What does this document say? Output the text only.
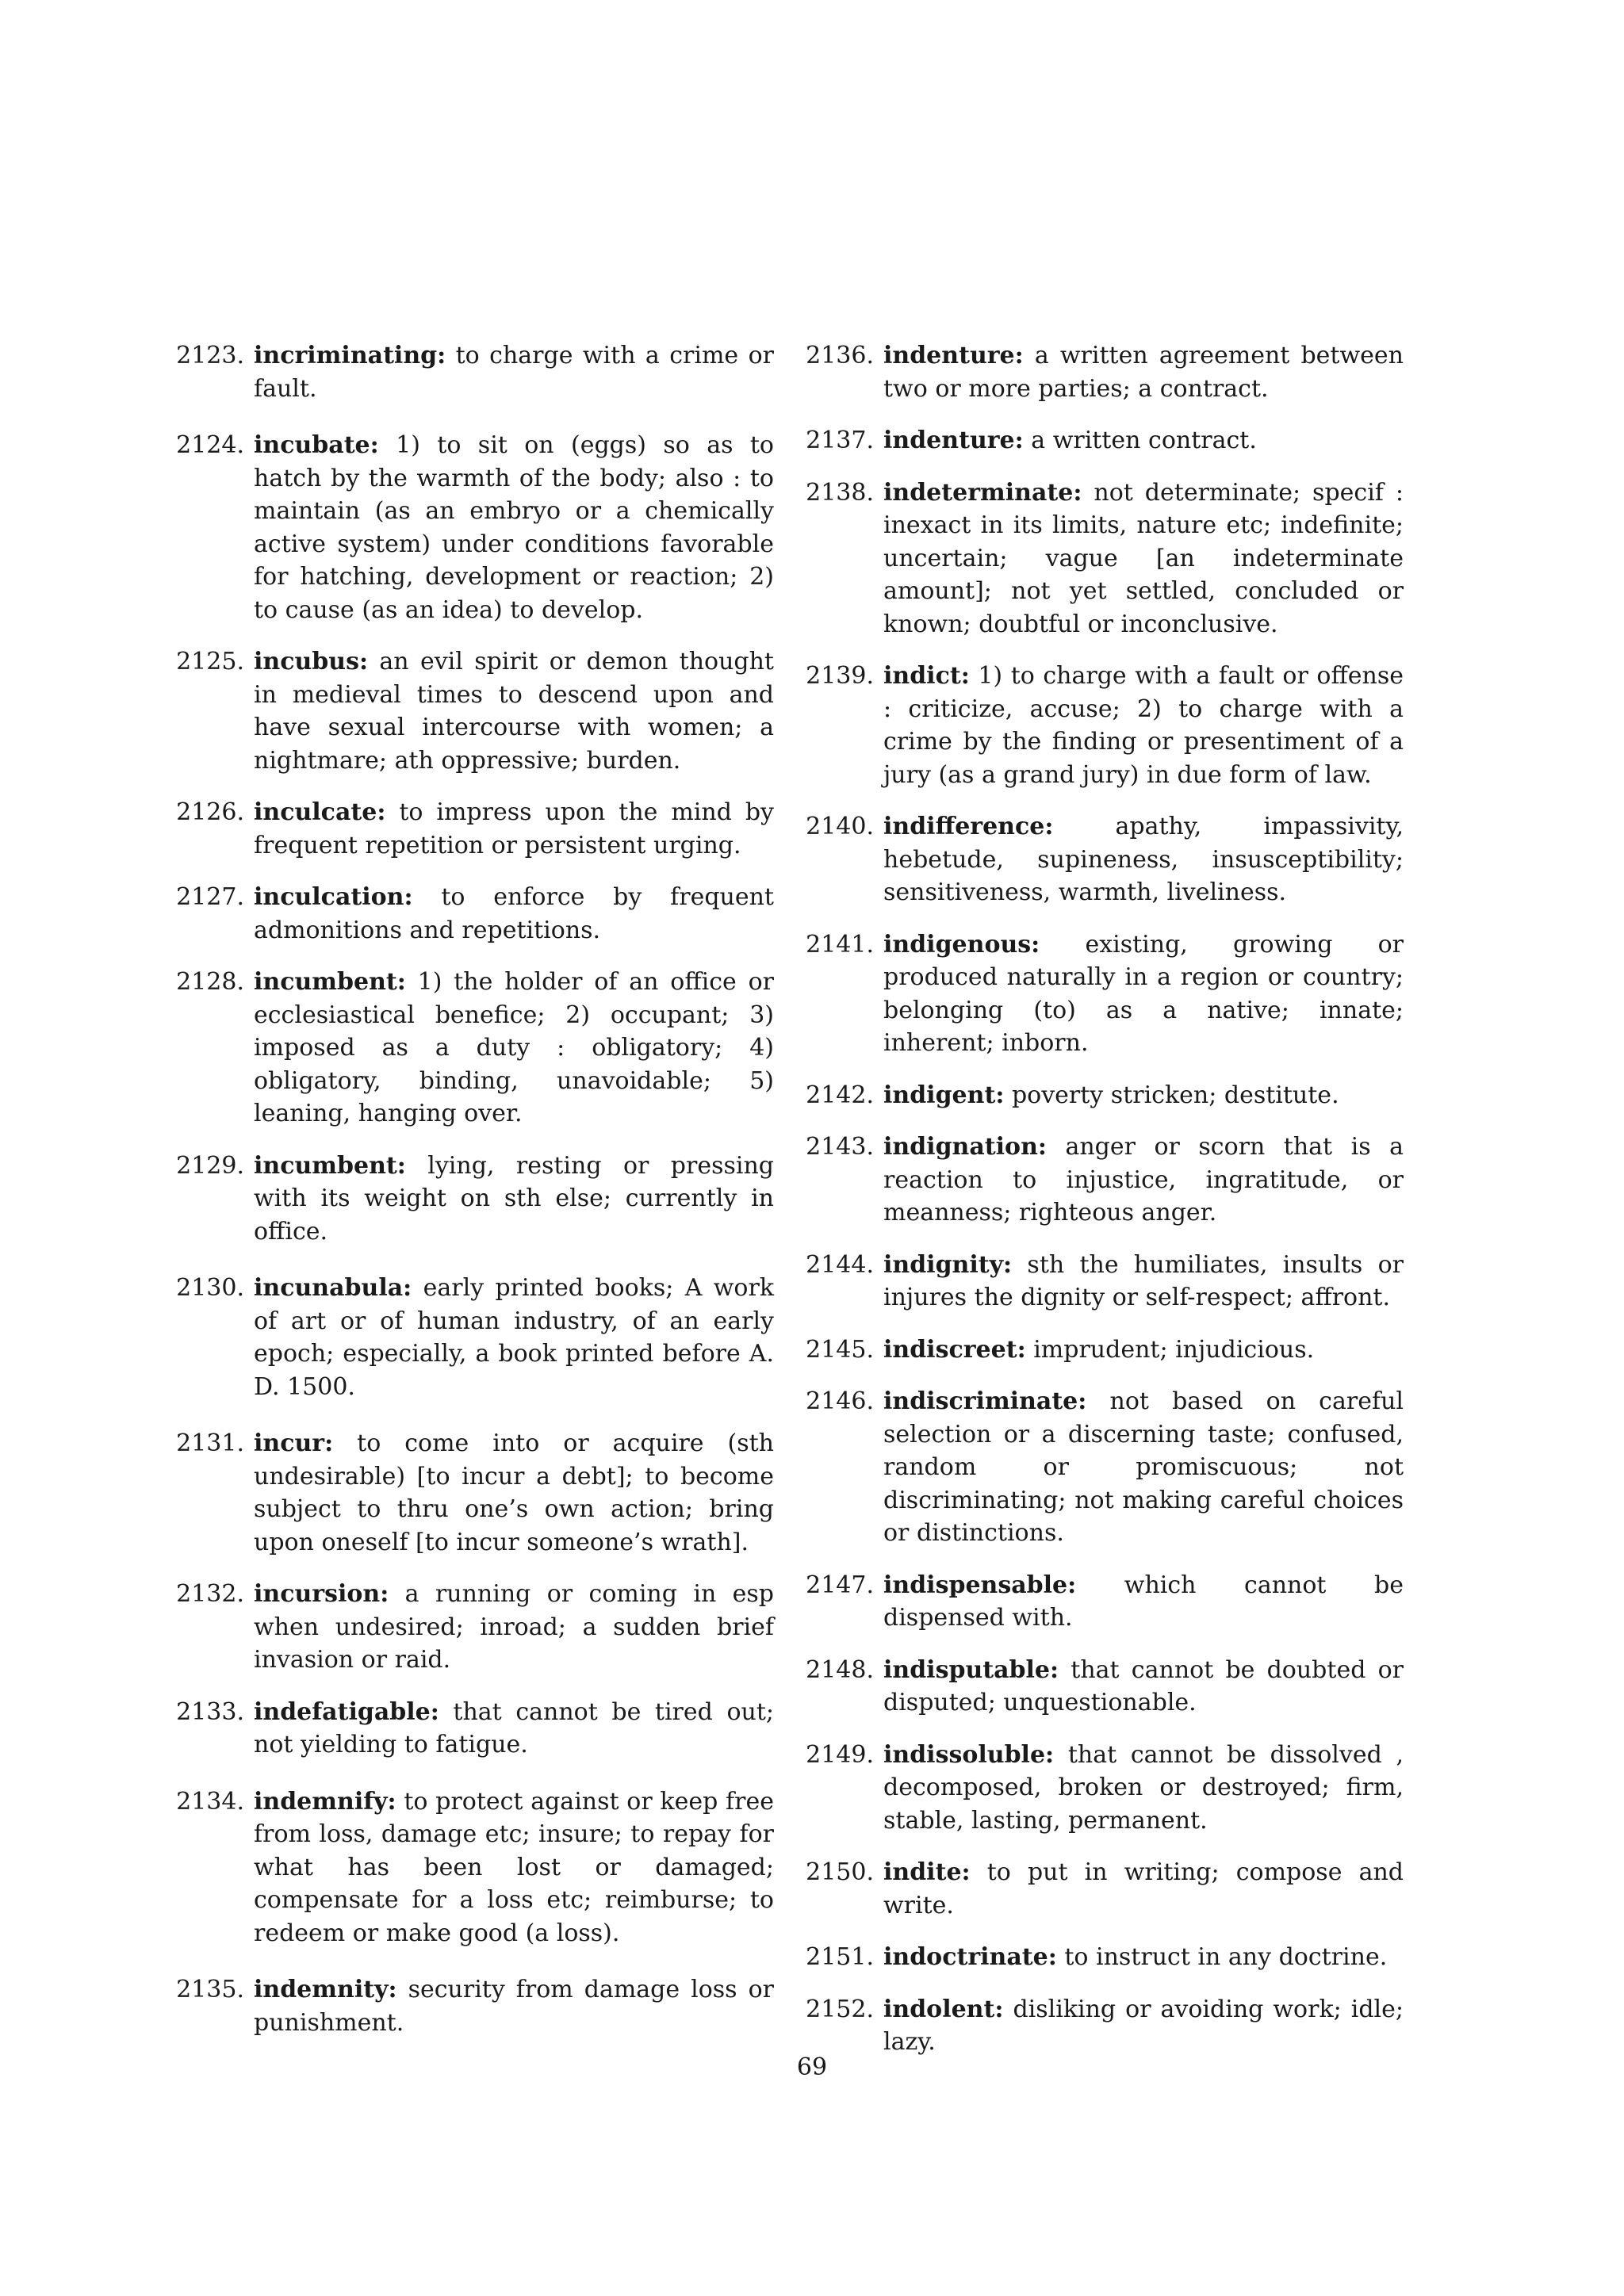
2123. incriminating: to charge with a crime or fault.
2124. incubate: 1) to sit on (eggs) so as to hatch by the warmth of the body; also : to maintain (as an embryo or a chemically active system) under conditions favorable for hatching, development or reaction; 2) to cause (as an idea) to develop.
2125. incubus: an evil spirit or demon thought in medieval times to descend upon and have sexual intercourse with women; a nightmare; ath oppressive; burden.
2126. inculcate: to impress upon the mind by frequent repetition or persistent urging.
2127. inculcation: to enforce by frequent admonitions and repetitions.
2128. incumbent: 1) the holder of an office or ecclesiastical benefice; 2) occupant; 3) imposed as a duty : obligatory; 4) obligatory, binding, unavoidable; 5) leaning, hanging over.
2129. incumbent: lying, resting or pressing with its weight on sth else; currently in office.
2130. incunabula: early printed books; A work of art or of human industry, of an early epoch; especially, a book printed before A. D. 1500.
2131. incur: to come into or acquire (sth undesirable) [to incur a debt]; to become subject to thru one’s own action; bring upon oneself [to incur someone’s wrath].
2132. incursion: a running or coming in esp when undesired; inroad; a sudden brief invasion or raid.
2133. indefatigable: that cannot be tired out; not yielding to fatigue.
2134. indemnify: to protect against or keep free from loss, damage etc; insure; to repay for what has been lost or damaged; compensate for a loss etc; reimburse; to redeem or make good (a loss).
2135. indemnity: security from damage loss or punishment.
2136. indenture: a written agreement between two or more parties; a contract.
2137. indenture: a written contract.
2138. indeterminate: not determinate; specif : inexact in its limits, nature etc; indefinite; uncertain; vague [an indeterminate amount]; not yet settled, concluded or known; doubtful or inconclusive.
2139. indict: 1) to charge with a fault or offense : criticize, accuse; 2) to charge with a crime by the finding or presentiment of a jury (as a grand jury) in due form of law.
2140. indifference:	apathy, impassivity, hebetude, supineness, insusceptibility; sensitiveness, warmth, liveliness.
2141. indigenous: existing, growing or produced naturally in a region or country; belonging (to) as a native; innate; inherent; inborn.
2142. indigent: poverty stricken; destitute.
2143. indignation: anger or scorn that is a reaction to injustice, ingratitude, or meanness; righteous anger.
2144. indignity: sth the humiliates, insults or injures the dignity or self-respect; affront.
2145. indiscreet: imprudent; injudicious.
2146. indiscriminate: not based on careful selection or a discerning taste; confused, random or promiscuous; not discriminating; not making careful choices or distinctions.
2147. indispensable: which cannot be dispensed with.
2148. indisputable: that cannot be doubted or disputed; unquestionable.
2149. indissoluble: that cannot be dissolved , decomposed, broken or destroyed; firm, stable, lasting, permanent.
2150. indite: to put in writing; compose and write.
2151. indoctrinate: to instruct in any doctrine.
2152. indolent: disliking or avoiding work; idle; lazy.
69
